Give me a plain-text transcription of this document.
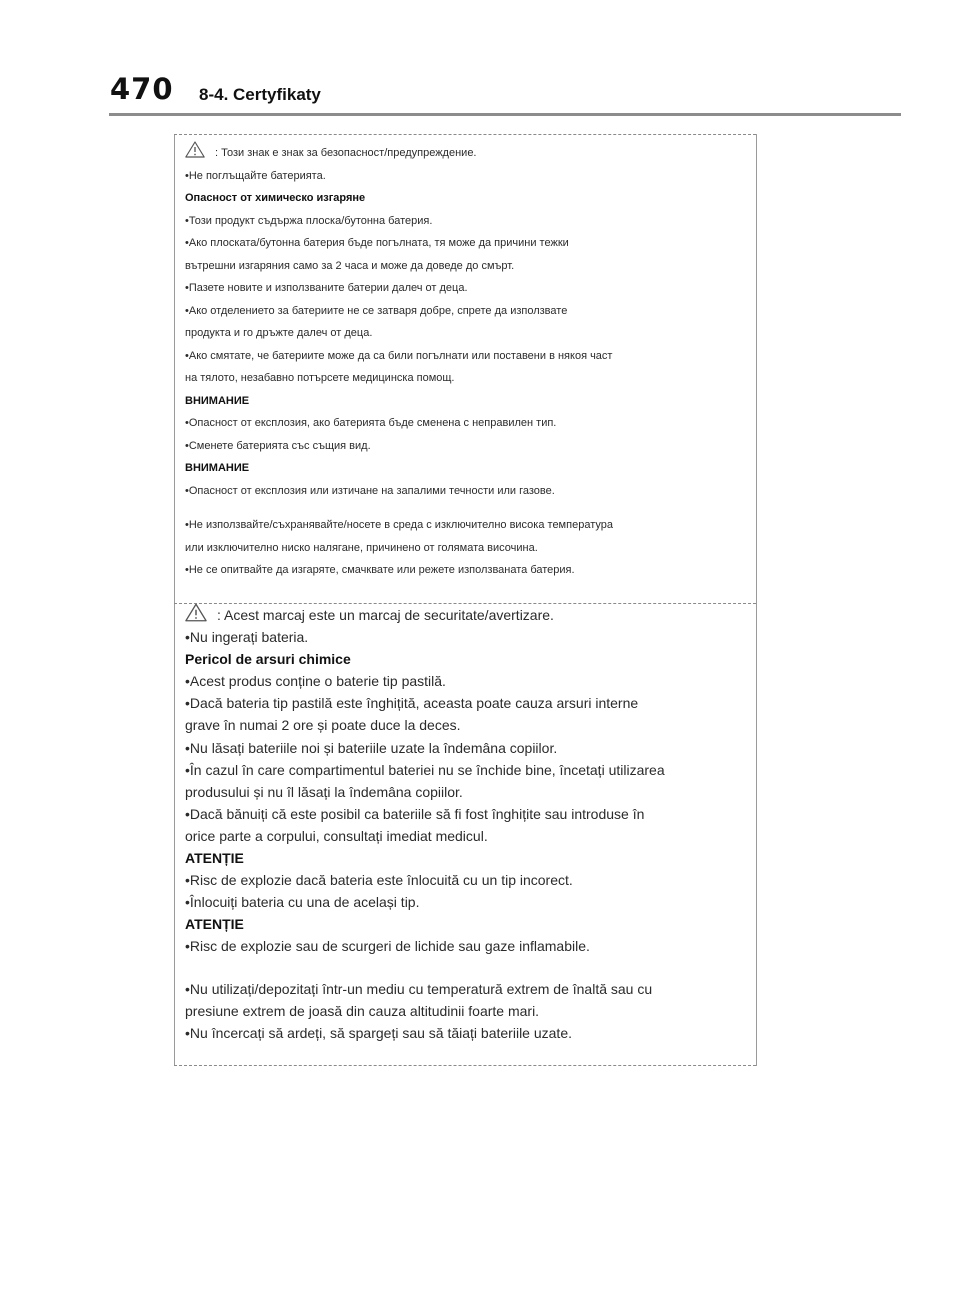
470 8-4. Certyfikaty
: Този знак е знак за безопасност/предупреждение.
•Не поглъщайте батерията.
Опасност от химическо изгаряне
•Този продукт съдържа плоска/бутонна батерия.
•Ако плоската/бутонна батерия бъде погълната, тя може да причини тежки
вътрешни изгаряния само за 2 часа и може да доведе до смърт.
•Пазете новите и използваните батерии далеч от деца.
•Ако отделението за батериите не се затваря добре, спрете да използвате
продукта и го дръжте далеч от деца.
•Ако смятате, че батериите може да са били погълнати или поставени в някоя част
на тялото, незабавно потърсете медицинска помощ.
ВНИМАНИЕ
•Опасност от експлозия, ако батерията бъде сменена с неправилен тип.
•Сменете батерията със същия вид.
ВНИМАНИЕ
•Опасност от експлозия или изтичане на запалими течности или газове.
•Не използвайте/съхранявайте/носете в среда с изключително висока температура
или изключително ниско налягане, причинено от голямата височина.
•Не се опитвайте да изгаряте, смачквате или режете използваната батерия.
: Acest marcaj este un marcaj de securitate/avertizare.
•Nu ingerați bateria.
Pericol de arsuri chimice
•Acest produs conține o baterie tip pastilă.
•Dacă bateria tip pastilă este înghițită, aceasta poate cauza arsuri interne
grave în numai 2 ore și poate duce la deces.
•Nu lăsați bateriile noi și bateriile uzate la îndemâna copiilor.
•În cazul în care compartimentul bateriei nu se închide bine, încetați utilizarea
produsului și nu îl lăsați la îndemâna copiilor.
•Dacă bănuiți că este posibil ca bateriile să fi fost înghițite sau introduse în
orice parte a corpului, consultați imediat medicul.
ATENȚIE
•Risc de explozie dacă bateria este înlocuită cu un tip incorect.
•Înlocuiți bateria cu una de același tip.
ATENȚIE
•Risc de explozie sau de scurgeri de lichide sau gaze inflamabile.
•Nu utilizați/depozitați într-un mediu cu temperatură extrem de înaltă sau cu
presiune extrem de joasă din cauza altitudinii foarte mari.
•Nu încercați să ardeți, să spargeți sau să tăiați bateriile uzate.
